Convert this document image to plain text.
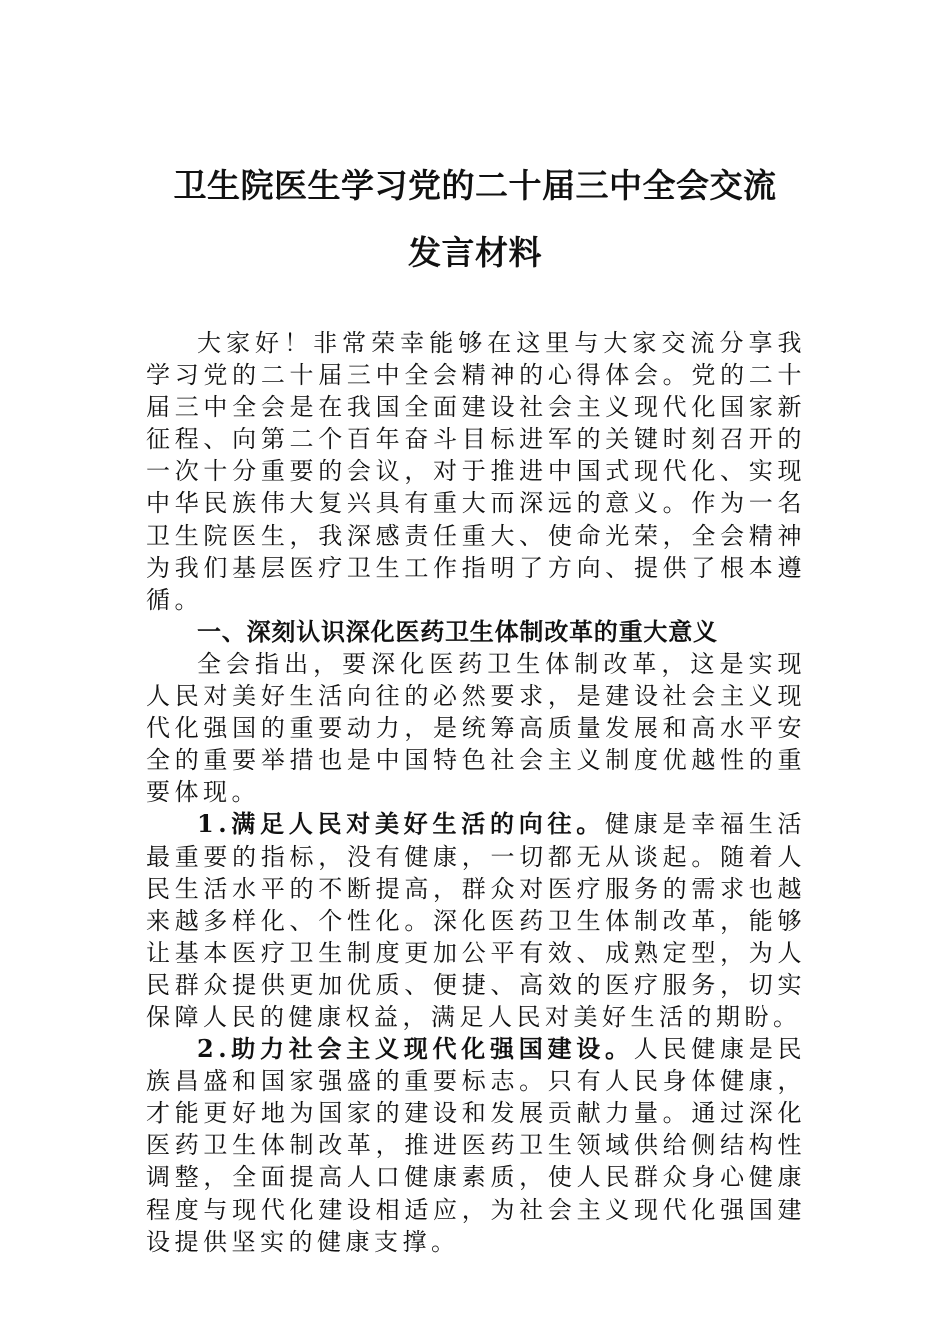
卫生院医生学习党的二十届三中全会交流
发言材料

大家好！非常荣幸能够在这里与大家交流分享我学习党的二十届三中全会精神的心得体会。党的二十届三中全会是在我国全面建设社会主义现代化国家新征程、向第二个百年奋斗目标进军的关键时刻召开的一次十分重要的会议，对于推进中国式现代化、实现中华民族伟大复兴具有重大而深远的意义。作为一名卫生院医生，我深感责任重大、使命光荣，全会精神为我们基层医疗卫生工作指明了方向、提供了根本遵循。

一、深刻认识深化医药卫生体制改革的重大意义

全会指出，要深化医药卫生体制改革，这是实现人民对美好生活向往的必然要求，是建设社会主义现代化强国的重要动力，是统筹高质量发展和高水平安全的重要举措也是中国特色社会主义制度优越性的重要体现。

1.满足人民对美好生活的向往。健康是幸福生活最重要的指标，没有健康，一切都无从谈起。随着人民生活水平的不断提高，群众对医疗服务的需求也越来越多样化、个性化。深化医药卫生体制改革，能够让基本医疗卫生制度更加公平有效、成熟定型，为人民群众提供更加优质、便捷、高效的医疗服务，切实保障人民的健康权益，满足人民对美好生活的期盼。

2.助力社会主义现代化强国建设。人民健康是民族昌盛和国家强盛的重要标志。只有人民身体健康，才能更好地为国家的建设和发展贡献力量。通过深化医药卫生体制改革，推进医药卫生领域供给侧结构性调整，全面提高人口健康素质，使人民群众身心健康程度与现代化建设相适应，为社会主义现代化强国建设提供坚实的健康支撑。
